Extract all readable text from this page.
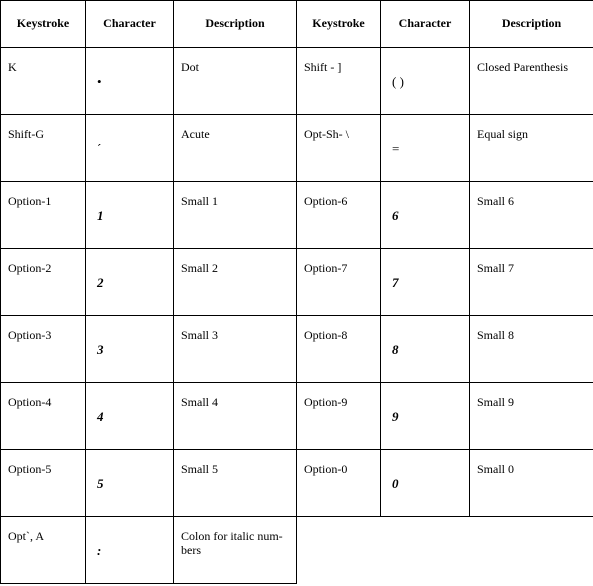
Keystroke	Character	Description	Keystroke	Character	Description
K	•	Dot	Shift - ]	( )	Closed Parenthesis
Shift-G	´	Acute	Opt-Sh- \	=	Equal sign
Option-1	1	Small 1	Option-6	6	Small 6
Option-2	2	Small 2	Option-7	7	Small 7
Option-3	3	Small 3	Option-8	8	Small 8
Option-4	4	Small 4	Option-9	9	Small 9
Option-5	5	Small 5	Option-0	0	Small 0
Opt`, A	:	Colon for italic num-bers			
